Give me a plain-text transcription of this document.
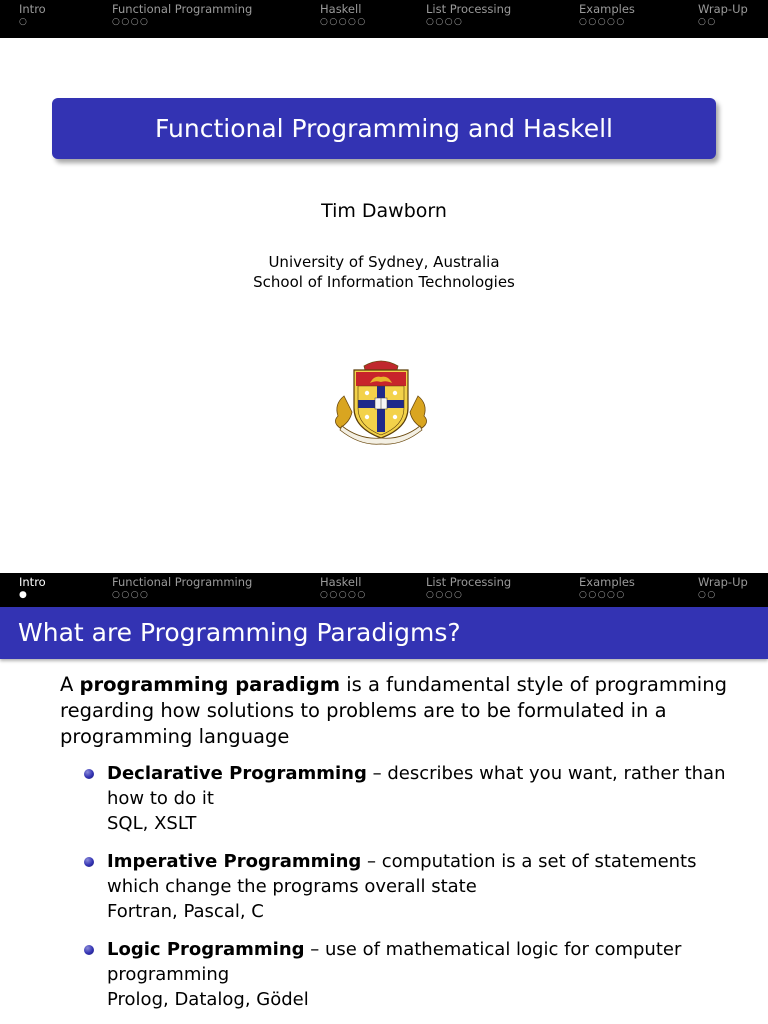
Intro
○
Functional Programming
○○○○
Haskell
○○○○○
List Processing
○○○○
Examples
○○○○○
Wrap-Up
○○
Functional Programming and Haskell
Tim Dawborn
University of Sydney, Australia
School of Information Technologies
Intro
●
Functional Programming
○○○○
Haskell
○○○○○
List Processing
○○○○
Examples
○○○○○
Wrap-Up
○○
What are Programming Paradigms?
A programming paradigm is a fundamental style of programming regarding how solutions to problems are to be formulated in a programming language
Declarative Programming – describes what you want, rather than how to do it
SQL, XSLT
Imperative Programming – computation is a set of statements which change the programs overall state
Fortran, Pascal, C
Logic Programming – use of mathematical logic for computer programming
Prolog, Datalog, Gödel
